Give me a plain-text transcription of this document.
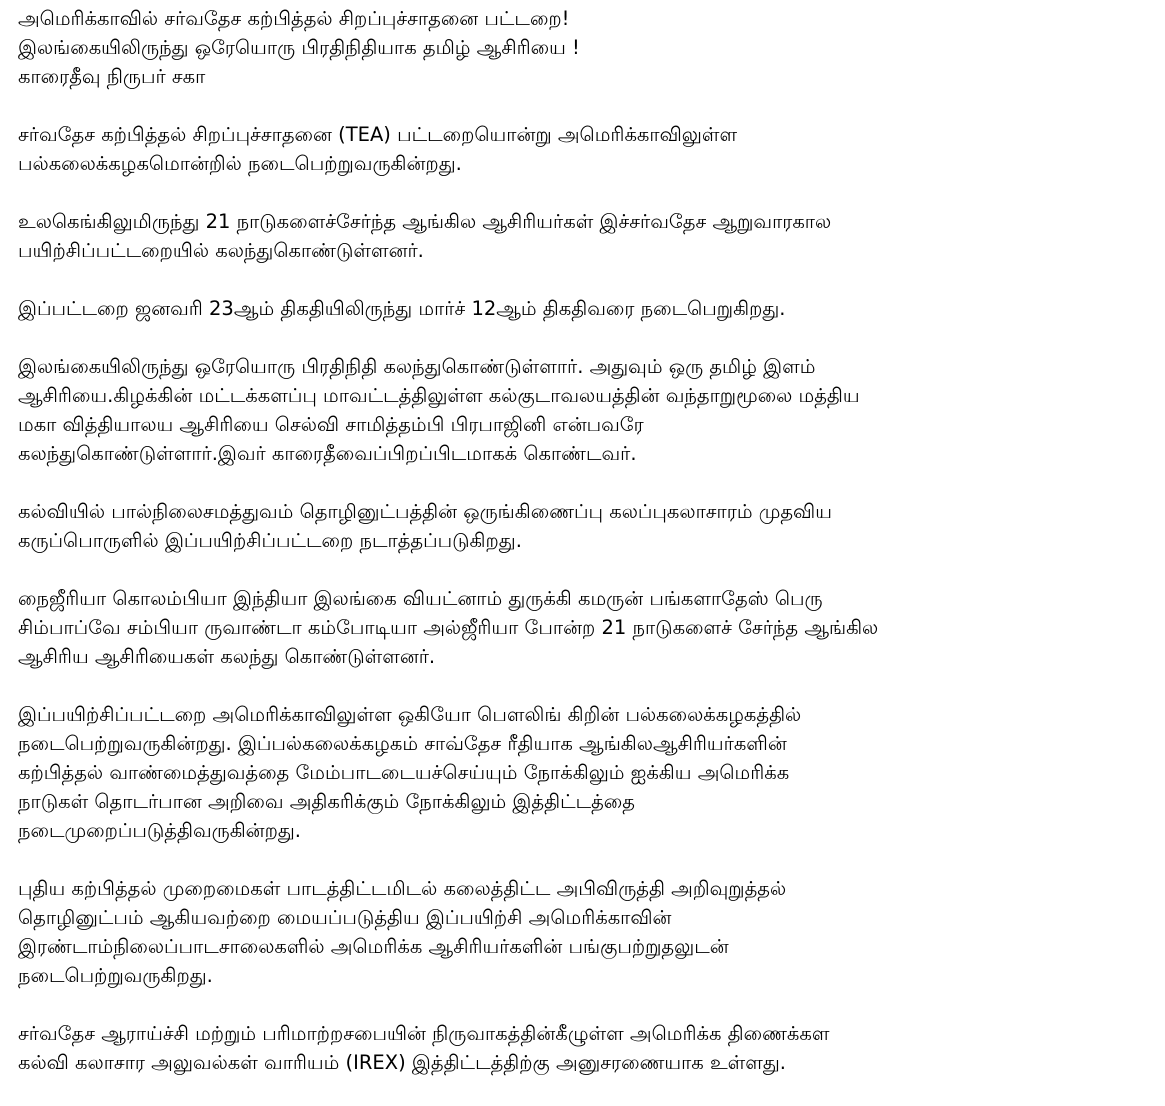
அமெரிக்காவில் சர்வதேச கற்பித்தல் சிறப்புச்சாதனை பட்டறை!
இலங்கையிலிருந்து ஒரேயொரு பிரதிநிதியாக தமிழ் ஆசிரியை !
காரைதீவு நிருபர் சகா
சர்வதேச கற்பித்தல் சிறப்புச்சாதனை (TEA) பட்டறையொன்று அமெரிக்காவிலுள்ள
பல்கலைக்கழகமொன்றில் நடைபெற்றுவருகின்றது.
உலகெங்கிலுமிருந்து 21 நாடுகளைச்சேர்ந்த ஆங்கில ஆசிரியர்கள் இச்சர்வதேச ஆறுவாரகால
பயிற்சிப்பட்டறையில் கலந்துகொண்டுள்ளனர்.
இப்பட்டறை ஜனவரி 23ஆம் திகதியிலிருந்து மார்ச் 12ஆம் திகதிவரை நடைபெறுகிறது.
இலங்கையிலிருந்து ஒரேயொரு பிரதிநிதி கலந்துகொண்டுள்ளார். அதுவும் ஒரு தமிழ் இளம்
ஆசிரியை.கிழக்கின் மட்டக்களப்பு மாவட்டத்திலுள்ள கல்குடாவலயத்தின் வந்தாறுமூலை மத்திய
மகா வித்தியாலய ஆசிரியை செல்வி சாமித்தம்பி பிரபாஜினி என்பவரே
கலந்துகொண்டுள்ளார்.இவர் காரைதீவைப்பிறப்பிடமாகக் கொண்டவர்.
கல்வியில் பால்நிலைசமத்துவம் தொழினுட்பத்தின் ஒருங்கிணைப்பு கலப்புகலாசாரம் முதவிய
கருப்பொருளில் இப்பயிற்சிப்பட்டறை நடாத்தப்படுகிறது.
நைஜீரியா கொலம்பியா இந்தியா இலங்கை வியட்னாம் துருக்கி கமருன் பங்களாதேஸ் பெரு
சிம்பாப்வே சம்பியா ருவாண்டா கம்போடியா அல்ஜீரியா போன்ற 21 நாடுகளைச் சேர்ந்த ஆங்கில
ஆசிரிய ஆசிரியைகள் கலந்து கொண்டுள்ளனர்.
இப்பயிற்சிப்பட்டறை அமெரிக்காவிலுள்ள ஒகியோ பௌலிங் கிறின் பல்கலைக்கழகத்தில்
நடைபெற்றுவருகின்றது. இப்பல்கலைக்கழகம் சாவ்தேச ரீதியாக ஆங்கிலஆசிரியர்களின்
கற்பித்தல் வாண்மைத்துவத்தை மேம்பாடடையச்செய்யும் நோக்கிலும் ஐக்கிய அமெரிக்க
நாடுகள் தொடர்பான அறிவை அதிகரிக்கும் நோக்கிலும் இத்திட்டத்தை
நடைமுறைப்படுத்திவருகின்றது.
புதிய கற்பித்தல் முறைமைகள் பாடத்திட்டமிடல் கலைத்திட்ட அபிவிருத்தி அறிவுறுத்தல்
தொழினுட்பம் ஆகியவற்றை மையப்படுத்திய இப்பயிற்சி அமெரிக்காவின்
இரண்டாம்நிலைப்பாடசாலைகளில் அமெரிக்க ஆசிரியர்களின் பங்குபற்றுதலுடன்
நடைபெற்றுவருகிறது.
சர்வதேச ஆராய்ச்சி மற்றும் பரிமாற்றசபையின் நிருவாகத்தின்கீழுள்ள அமெரிக்க திணைக்கள
கல்வி கலாசார அலுவல்கள் வாரியம் (IREX) இத்திட்டத்திற்கு அனுசரணையாக உள்ளது.
